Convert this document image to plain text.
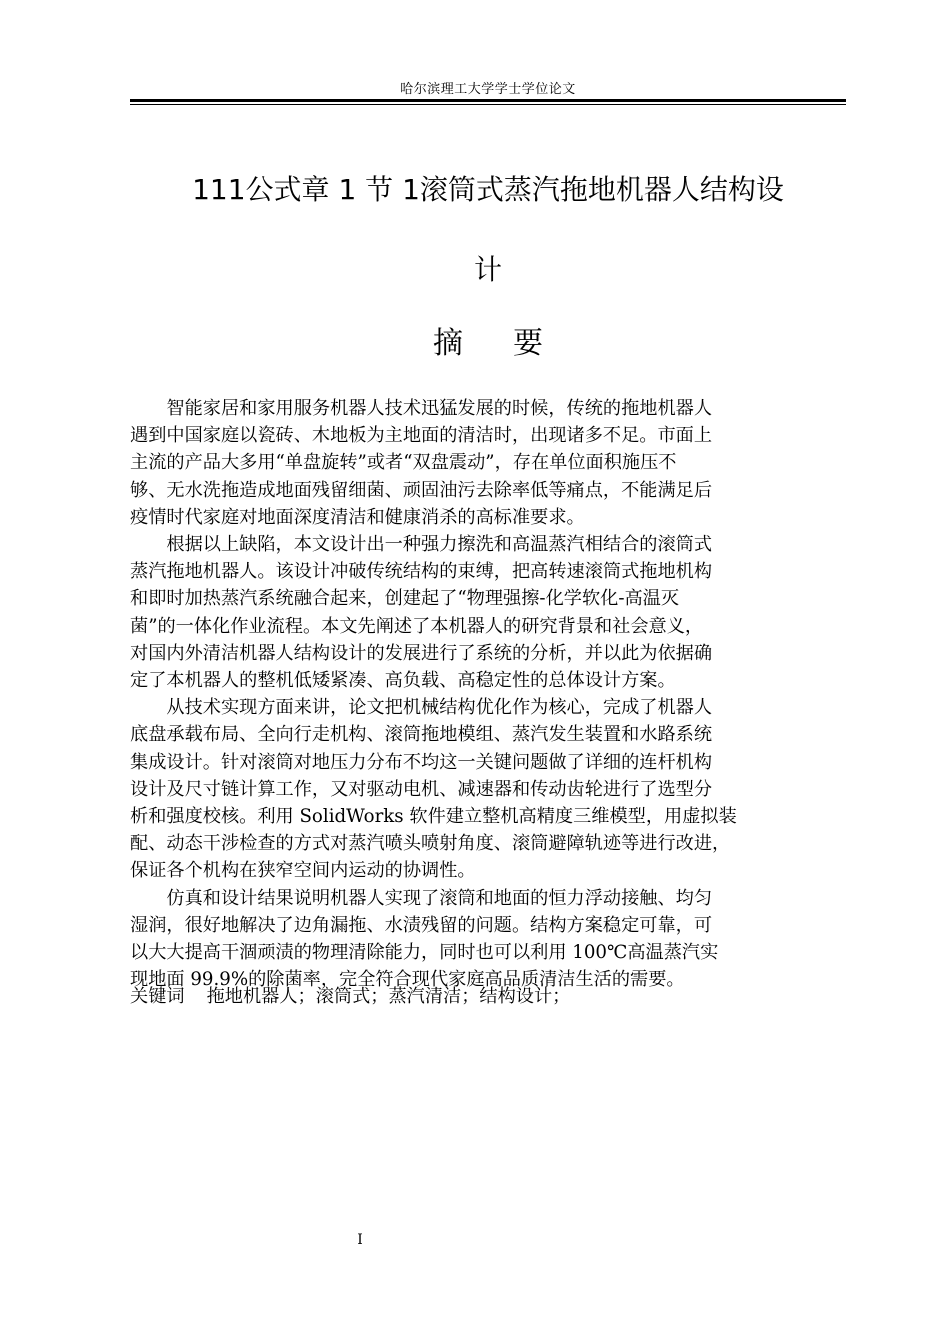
哈尔滨理工大学学士学位论文
111公式章 1 节 1滚筒式蒸汽拖地机器人结构设
计
摘要

智能家居和家用服务机器人技术迅猛发展的时候，传统的拖地机器人
遇到中国家庭以瓷砖、木地板为主地面的清洁时，出现诸多不足。市面上
主流的产品大多用“单盘旋转”或者“双盘震动”，存在单位面积施压不
够、无水洗拖造成地面残留细菌、顽固油污去除率低等痛点，不能满足后
疫情时代家庭对地面深度清洁和健康消杀的高标准要求。

根据以上缺陷，本文设计出一种强力擦洗和高温蒸汽相结合的滚筒式
蒸汽拖地机器人。该设计冲破传统结构的束缚，把高转速滚筒式拖地机构
和即时加热蒸汽系统融合起来，创建起了“物理强擦-化学软化-高温灭
菌”的一体化作业流程。本文先阐述了本机器人的研究背景和社会意义，
对国内外清洁机器人结构设计的发展进行了系统的分析，并以此为依据确
定了本机器人的整机低矮紧凑、高负载、高稳定性的总体设计方案。

从技术实现方面来讲，论文把机械结构优化作为核心，完成了机器人
底盘承载布局、全向行走机构、滚筒拖地模组、蒸汽发生装置和水路系统
集成设计。针对滚筒对地压力分布不均这一关键问题做了详细的连杆机构
设计及尺寸链计算工作，又对驱动电机、减速器和传动齿轮进行了选型分
析和强度校核。利用 SolidWorks 软件建立整机高精度三维模型，用虚拟装
配、动态干涉检查的方式对蒸汽喷头喷射角度、滚筒避障轨迹等进行改进，
保证各个机构在狭窄空间内运动的协调性。

仿真和设计结果说明机器人实现了滚筒和地面的恒力浮动接触、均匀
湿润，很好地解决了边角漏拖、水渍残留的问题。结构方案稳定可靠，可
以大大提高干涸顽渍的物理清除能力，同时也可以利用 100℃高温蒸汽实
现地面 99.9%的除菌率，完全符合现代家庭高品质清洁生活的需要。

关键词 拖地机器人；滚筒式；蒸汽清洁；结构设计；
I
